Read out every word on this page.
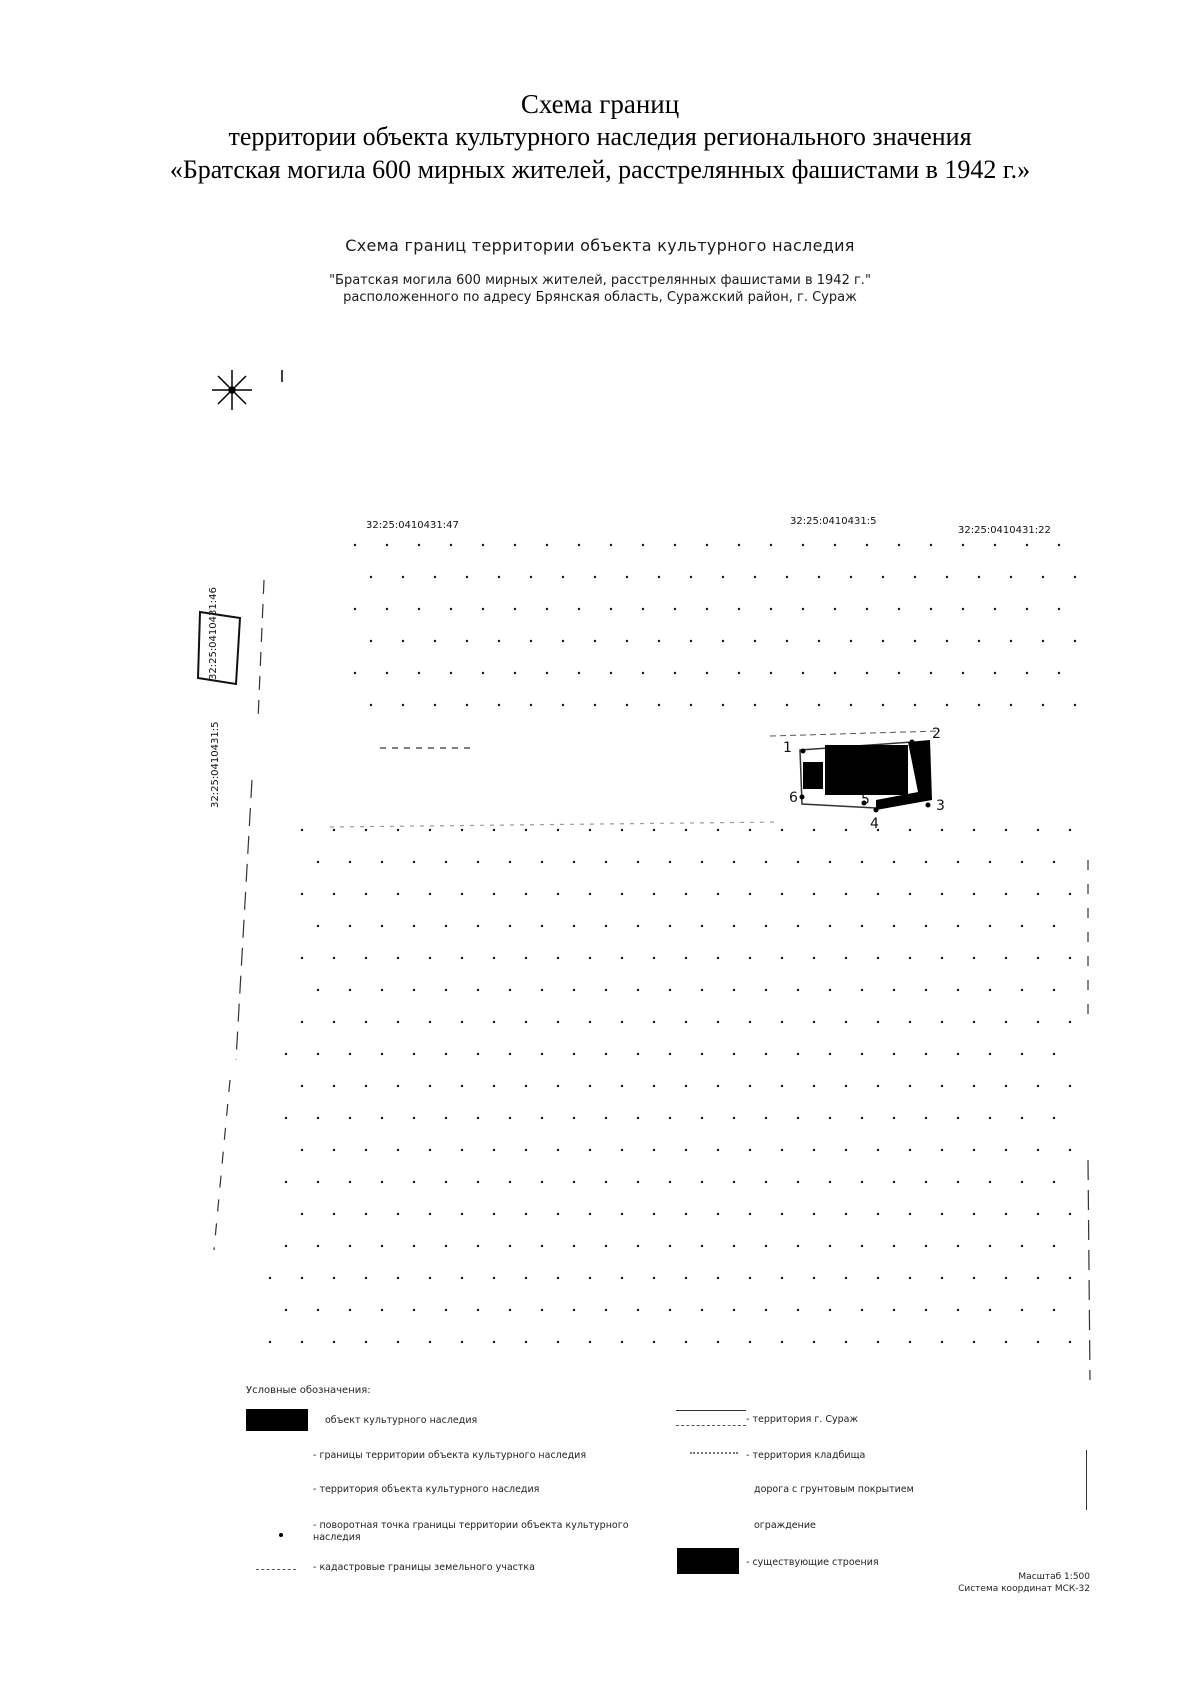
Схема границ
территории объекта культурного наследия регионального значения
«Братская могила 600 мирных жителей, расстрелянных фашистами в 1942 г.»
Схема границ территории объекта культурного наследия
"Братская могила 600 мирных жителей, расстрелянных фашистами в 1942 г."
расположенного по адресу Брянская область, Суражский район, г. Сураж
32:25:0410431:47	32:25:0410431:5
32:25:0410431:22
32:25:0410431:46
32:25:0410431:5	1
2
3
4
5
6
Условные обозначения:
объект культурного наследия
- границы территории объекта культурного наследия
- территория объекта культурного наследия
- поворотная точка границы территории объекта культурного наследия
- кадастровые границы земельного участка
- территория г. Сураж
- территория кладбища
дорога с грунтовым покрытием
ограждение
- существующие строения
Масштаб 1:500
Система координат МСК-32
